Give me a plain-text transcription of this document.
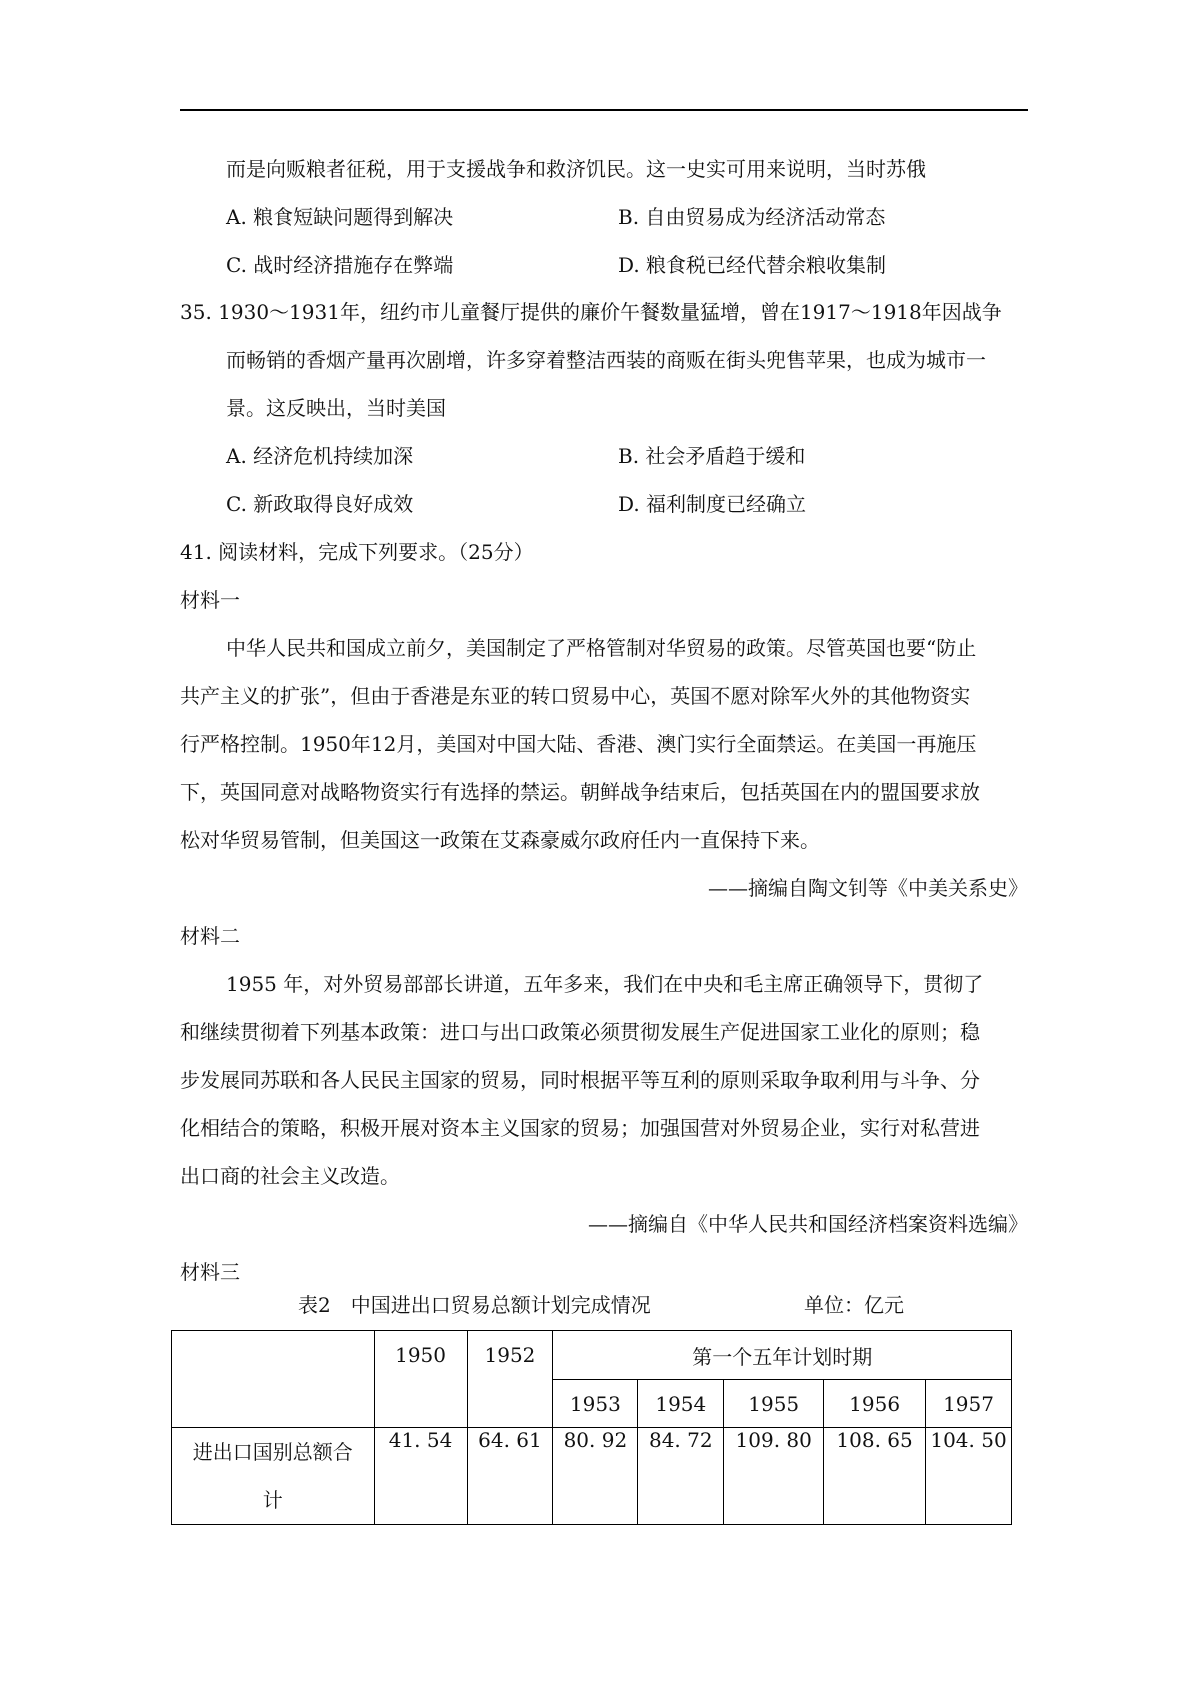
而是向贩粮者征税，用于支援战争和救济饥民。这一史实可用来说明，当时苏俄
A. 粮食短缺问题得到解决	B. 自由贸易成为经济活动常态
C. 战时经济措施存在弊端	D. 粮食税已经代替余粮收集制
35. 1930～1931年，纽约市儿童餐厅提供的廉价午餐数量猛增，曾在1917～1918年因战争
而畅销的香烟产量再次剧增，许多穿着整洁西装的商贩在街头兜售苹果，也成为城市一
景。这反映出，当时美国
A. 经济危机持续加深	B. 社会矛盾趋于缓和
C. 新政取得良好成效	D. 福利制度已经确立
41. 阅读材料，完成下列要求。（25分）
材料一
中华人民共和国成立前夕，美国制定了严格管制对华贸易的政策。尽管英国也要“防止
共产主义的扩张”，但由于香港是东亚的转口贸易中心，英国不愿对除军火外的其他物资实
行严格控制。1950年12月，美国对中国大陆、香港、澳门实行全面禁运。在美国一再施压
下，英国同意对战略物资实行有选择的禁运。朝鲜战争结束后，包括英国在内的盟国要求放
松对华贸易管制，但美国这一政策在艾森豪威尔政府任内一直保持下来。
——摘编自陶文钊等《中美关系史》
材料二
1955 年，对外贸易部部长讲道，五年多来，我们在中央和毛主席正确领导下，贯彻了
和继续贯彻着下列基本政策：进口与出口政策必须贯彻发展生产促进国家工业化的原则；稳
步发展同苏联和各人民民主国家的贸易，同时根据平等互利的原则采取争取利用与斗争、分
化相结合的策略，积极开展对资本主义国家的贸易；加强国营对外贸易企业，实行对私营进
出口商的社会主义改造。
——摘编自《中华人民共和国经济档案资料选编》
材料三
表2　中国进出口贸易总额计划完成情况	单位：亿元
	1950	1952	第一个五年计划时期				
			1953	1954	1955	1956	1957

进出口国别总额合
计	41. 54	64. 61	80. 92	84. 72	109. 80	108. 65	104. 50
